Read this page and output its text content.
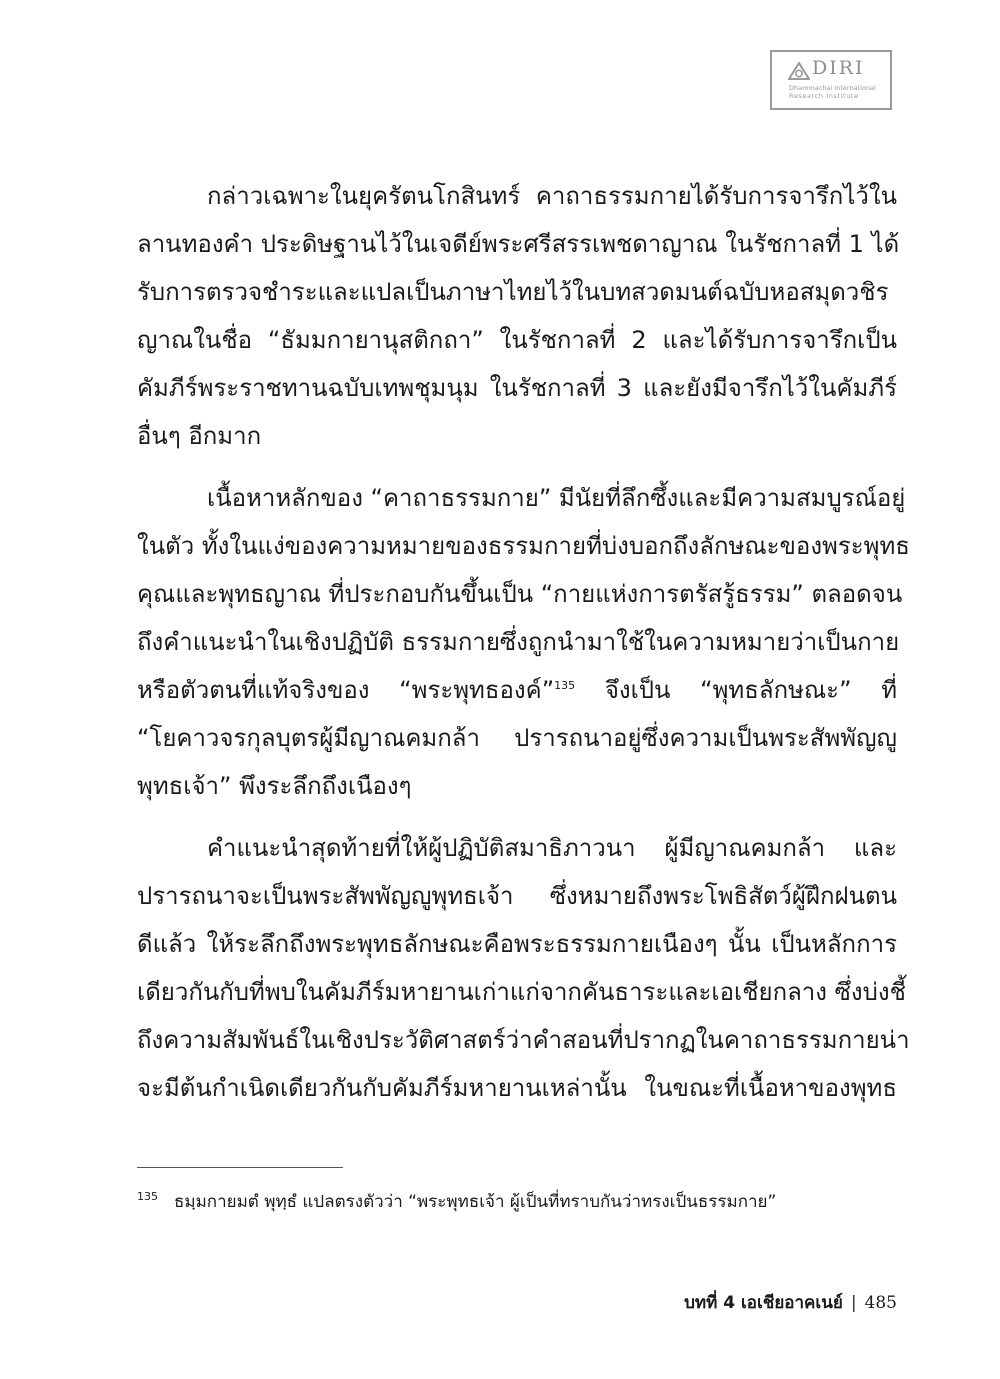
DIRI
Dhammachai International
Research Institute

กล่าวเฉพาะในยุครัตนโกสินทร์ คาถาธรรมกายได้รับการจารึกไว้ใน
ลานทองคำ ประดิษฐานไว้ในเจดีย์พระศรีสรรเพชดาญาณ ในรัชกาลที่ 1 ได้
รับการตรวจชำระและแปลเป็นภาษาไทยไว้ในบทสวดมนต์ฉบับหอสมุดวชิร
ญาณในชื่อ “ธัมมกายานุสติกถา” ในรัชกาลที่ 2 และได้รับการจารึกเป็น
คัมภีร์พระราชทานฉบับเทพชุมนุม ในรัชกาลที่ 3 และยังมีจารึกไว้ในคัมภีร์
อื่นๆ อีกมาก

เนื้อหาหลักของ “คาถาธรรมกาย” มีนัยที่ลึกซึ้งและมีความสมบูรณ์อยู่
ในตัว ทั้งในแง่ของความหมายของธรรมกายที่บ่งบอกถึงลักษณะของพระพุทธ
คุณและพุทธญาณ ที่ประกอบกันขึ้นเป็น “กายแห่งการตรัสรู้ธรรม” ตลอดจน
ถึงคำแนะนำในเชิงปฏิบัติ ธรรมกายซึ่งถูกนำมาใช้ในความหมายว่าเป็นกาย
หรือตัวตนที่แท้จริงของ “พระพุทธองค์”$^{135}$ จึงเป็น “พุทธลักษณะ” ที่
“โยคาวจรกุลบุตรผู้มีญาณคมกล้า ปรารถนาอยู่ซึ่งความเป็นพระสัพพัญญู
พุทธเจ้า” พึงระลึกถึงเนืองๆ

คำแนะนำสุดท้ายที่ให้ผู้ปฏิบัติสมาธิภาวนา ผู้มีญาณคมกล้า และ
ปรารถนาจะเป็นพระสัพพัญญูพุทธเจ้า ซึ่งหมายถึงพระโพธิสัตว์ผู้ฝึกฝนตน
ดีแล้ว ให้ระลึกถึงพระพุทธลักษณะคือพระธรรมกายเนืองๆ นั้น เป็นหลักการ
เดียวกันกับที่พบในคัมภีร์มหายานเก่าแก่จากคันธาระและเอเชียกลาง ซึ่งบ่งชี้
ถึงความสัมพันธ์ในเชิงประวัติศาสตร์ว่าคำสอนที่ปรากฏในคาถาธรรมกายน่า
จะมีต้นกำเนิดเดียวกันกับคัมภีร์มหายานเหล่านั้น ในขณะที่เนื้อหาของพุทธ

$^{135}$ ธมฺมกายมตํ พุทฺธํ แปลตรงตัวว่า “พระพุทธเจ้า ผู้เป็นที่ทราบกันว่าทรงเป็นธรรมกาย”
บทที่ 4 เอเชียอาคเนย์ | 485
